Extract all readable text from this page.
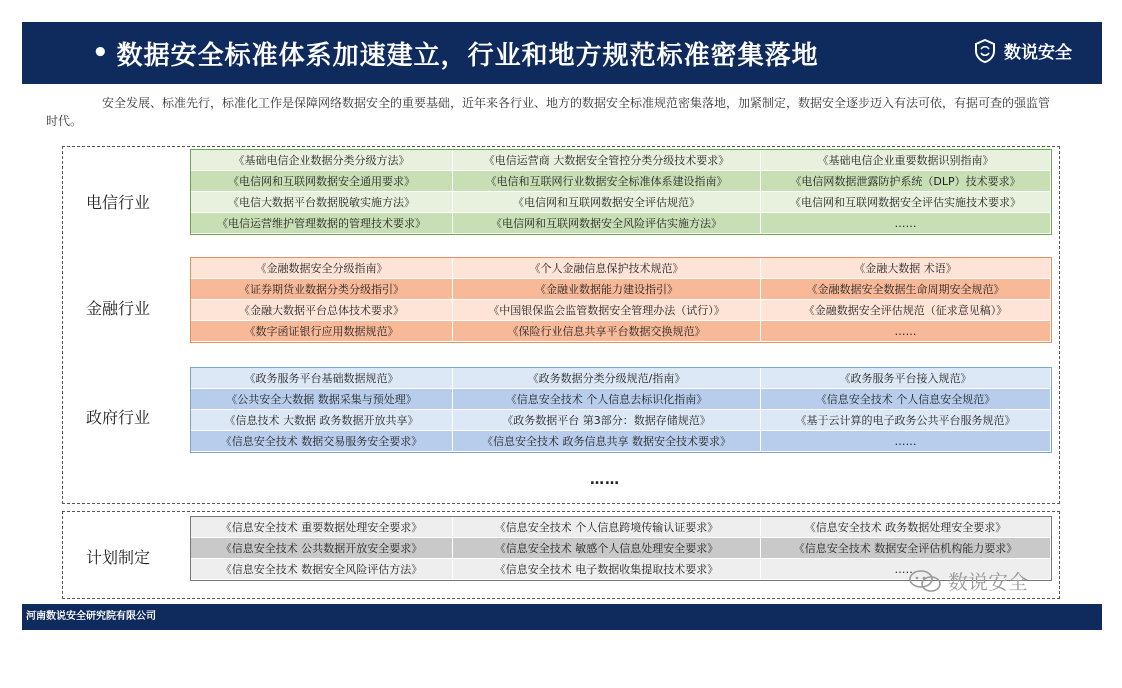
• 数据安全标准体系加速建立，行业和地方规范标准密集落地	数说安全
安全发展、标准先行，标准化工作是保障网络数据安全的重要基础，近年来各行业、地方的数据安全标准规范密集落地，加紧制定，数据安全逐步迈入有法可依，有据可查的强监管时代。
电信行业
《基础电信企业数据分类分级方法》	《电信运营商 大数据安全管控分类分级技术要求》	《基础电信企业重要数据识别指南》
《电信网和互联网数据安全通用要求》	《电信和互联网行业数据安全标准体系建设指南》	《电信网数据泄露防护系统（DLP）技术要求》
《电信大数据平台数据脱敏实施方法》	《电信网和互联网数据安全评估规范》	《电信网和互联网数据安全评估实施技术要求》
《电信运营维护管理数据的管理技术要求》	《电信网和互联网数据安全风险评估实施方法》	……
金融行业
《金融数据安全分级指南》	《个人金融信息保护技术规范》	《金融大数据 术语》
《证券期货业数据分类分级指引》	《金融业数据能力建设指引》	《金融数据安全数据生命周期安全规范》
《金融大数据平台总体技术要求》	《中国银保监会监管数据安全管理办法（试行）》	《金融数据安全评估规范（征求意见稿）》
《数字函证银行应用数据规范》	《保险行业信息共享平台数据交换规范》	……
政府行业
《政务服务平台基础数据规范》	《政务数据分类分级规范/指南》	《政务服务平台接入规范》
《公共安全大数据 数据采集与预处理》	《信息安全技术 个人信息去标识化指南》	《信息安全技术 个人信息安全规范》
《信息技术 大数据 政务数据开放共享》	《政务数据平台 第3部分：数据存储规范》	《基于云计算的电子政务公共平台服务规范》
《信息安全技术 数据交易服务安全要求》	《信息安全技术 政务信息共享 数据安全技术要求》	……
……
计划制定
《信息安全技术 重要数据处理安全要求》	《信息安全技术 个人信息跨境传输认证要求》	《信息安全技术 政务数据处理安全要求》
《信息安全技术 公共数据开放安全要求》	《信息安全技术 敏感个人信息处理安全要求》	《信息安全技术 数据安全评估机构能力要求》
《信息安全技术 数据安全风险评估方法》	《信息安全技术 电子数据收集提取技术要求》	……
数说安全
河南数说安全研究院有限公司
